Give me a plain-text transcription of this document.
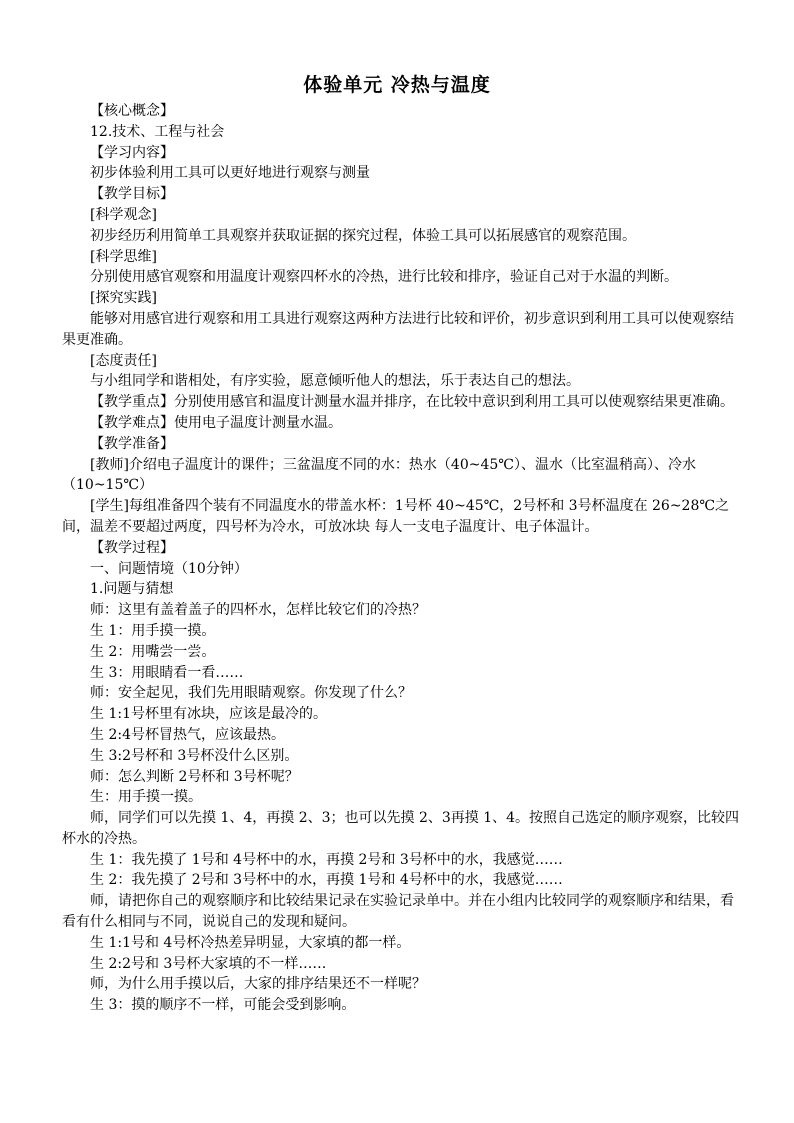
体验单元 冷热与温度

【核心概念】

12.技术、工程与社会

【学习内容】

初步体验利用工具可以更好地进行观察与测量

【教学目标】

[科学观念]

初步经历利用简单工具观察并获取证据的探究过程，体验工具可以拓展感官的观察范围。

[科学思维]

分别使用感官观察和用温度计观察四杯水的冷热，进行比较和排序，验证自己对于水温的判断。

[探究实践]

能够对用感官进行观察和用工具进行观察这两种方法进行比较和评价，初步意识到利用工具可以使观察结果更准确。

[态度责任]

与小组同学和谐相处，有序实验，愿意倾听他人的想法，乐于表达自己的想法。

【教学重点】分别使用感官和温度计测量水温并排序，在比较中意识到利用工具可以使观察结果更准确。

【教学难点】使用电子温度计测量水温。

【教学准备】

[教师]介绍电子温度计的课件；三盆温度不同的水：热水（40~45℃）、温水（比室温稍高）、冷水（10~15℃）

[学生]每组准备四个装有不同温度水的带盖水杯：1号杯 40~45℃，2号杯和 3号杯温度在 26~28℃之间，温差不要超过两度，四号杯为冷水，可放冰块 每人一支电子温度计、电子体温计。

【教学过程】

一、问题情境（10分钟）

1.问题与猜想

师：这里有盖着盖子的四杯水，怎样比较它们的冷热？

生 1：用手摸一摸。

生 2：用嘴尝一尝。

生 3：用眼睛看一看……

师：安全起见，我们先用眼睛观察。你发现了什么？

生 1:1号杯里有冰块，应该是最冷的。

生 2:4号杯冒热气，应该最热。

生 3:2号杯和 3号杯没什么区别。

师：怎么判断 2号杯和 3号杯呢？

生：用手摸一摸。

师，同学们可以先摸 1、4，再摸 2、3；也可以先摸 2、3再摸 1、4。按照自己选定的顺序观察，比较四杯水的冷热。

生 1：我先摸了 1号和 4号杯中的水，再摸 2号和 3号杯中的水，我感觉……

生 2：我先摸了 2号和 3号杯中的水，再摸 1号和 4号杯中的水，我感觉……

师，请把你自己的观察顺序和比较结果记录在实验记录单中。并在小组内比较同学的观察顺序和结果，看看有什么相同与不同，说说自己的发现和疑问。

生 1:1号和 4号杯冷热差异明显，大家填的都一样。

生 2:2号和 3号杯大家填的不一样……

师，为什么用手摸以后，大家的排序结果还不一样呢？

生 3：摸的顺序不一样，可能会受到影响。
